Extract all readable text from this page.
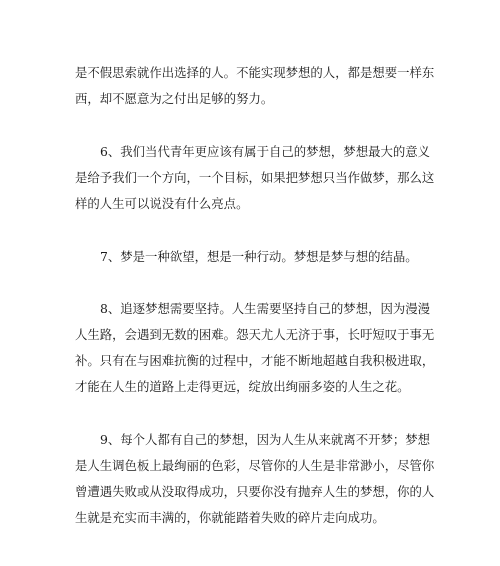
是不假思索就作出选择的人。不能实现梦想的人，都是想要一样东
西，却不愿意为之付出足够的努力。

6、我们当代青年更应该有属于自己的梦想，梦想最大的意义
是给予我们一个方向，一个目标，如果把梦想只当作做梦，那么这
样的人生可以说没有什么亮点。

7、梦是一种欲望，想是一种行动。梦想是梦与想的结晶。

8、追逐梦想需要坚持。人生需要坚持自己的梦想，因为漫漫
人生路，会遇到无数的困难。怨天尤人无济于事，长吁短叹于事无
补。只有在与困难抗衡的过程中，才能不断地超越自我积极进取，
才能在人生的道路上走得更远，绽放出绚丽多姿的人生之花。

9、每个人都有自己的梦想，因为人生从来就离不开梦；梦想
是人生调色板上最绚丽的色彩，尽管你的人生是非常渺小，尽管你
曾遭遇失败或从没取得成功，只要你没有抛弃人生的梦想，你的人
生就是充实而丰满的，你就能踏着失败的碎片走向成功。
